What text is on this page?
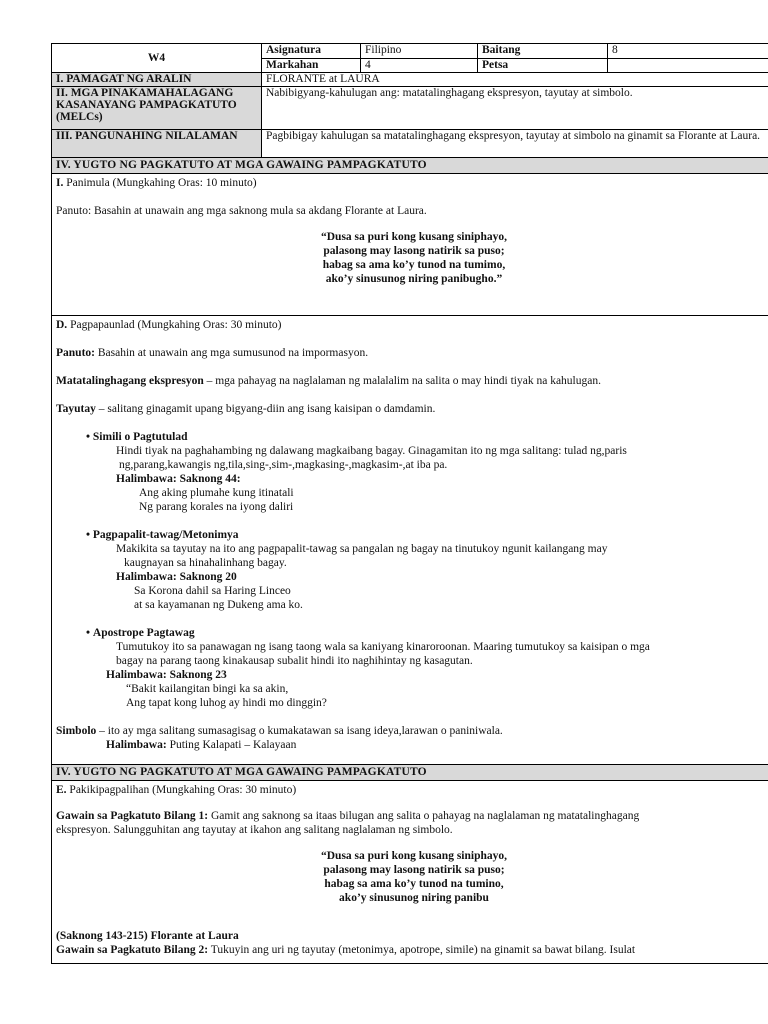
W4	Asignatura	Filipino	Baitang	8
	Markahan	4	Petsa	
I. PAMAGAT NG ARALIN	FLORANTE at LAURA			
II. MGA PINAKAMAHALAGANG KASANAYANG PAMPAGKATUTO (MELCs)	Nabibigyang-kahulugan ang: matatalinghagang ekspresyon, tayutay at simbolo.			
III. PANGUNAHING NILALAMAN	Pagbibigay kahulugan sa matatalinghagang ekspresyon, tayutay at simbolo na ginamit sa Florante at Laura.			
IV. YUGTO NG PAGKATUTO AT MGA GAWAING PAMPAGKATUTO

I. Panimula (Mungkahing Oras: 10 minuto)

Panuto: Basahin at unawain ang mga saknong mula sa akdang Florante at Laura.

“Dusa sa puri kong kusang siniphayo,

palasong may lasong natirik sa puso;

habag sa ama ko’y tunod na tumimo,

ako’y sinusunog niring panibugho.”

D. Pagpapaunlad (Mungkahing Oras: 30 minuto)

Panuto: Basahin at unawain ang mga sumusunod na impormasyon.

Matatalinghagang ekspresyon – mga pahayag na naglalaman ng malalalim na salita o may hindi tiyak na kahulugan.

Tayutay – salitang ginagamit upang bigyang-diin ang isang kaisipan o damdamin.

• Simili o Pagtutulad

Hindi tiyak na paghahambing ng dalawang magkaibang bagay. Ginagamitan ito ng mga salitang: tulad ng,paris

ng,parang,kawangis ng,tila,sing-,sim-,magkasing-,magkasim-,at iba pa.

Halimbawa: Saknong 44:

Ang aking plumahe kung itinatali

Ng parang korales na iyong daliri

• Pagpapalit-tawag/Metonimya

Makikita sa tayutay na ito ang pagpapalit-tawag sa pangalan ng bagay na tinutukoy ngunit kailangang may

kaugnayan sa hinahalinhang bagay.

Halimbawa: Saknong 20

Sa Korona dahil sa Haring Linceo

at sa kayamanan ng Dukeng ama ko.

• Apostrope Pagtawag

Tumutukoy ito sa panawagan ng isang taong wala sa kaniyang kinaroroonan. Maaring tumutukoy sa kaisipan o mga

bagay na parang taong kinakausap subalit hindi ito naghihintay ng kasagutan.

Halimbawa: Saknong 23

“Bakit kailangitan bingi ka sa akin,

Ang tapat kong luhog ay hindi mo dinggin?

Simbolo – ito ay mga salitang sumasagisag o kumakatawan sa isang ideya,larawan o paniniwala.

Halimbawa: Puting Kalapati – Kalayaan

IV. YUGTO NG PAGKATUTO AT MGA GAWAING PAMPAGKATUTO

E. Pakikipagpalihan (Mungkahing Oras: 30 minuto)

Gawain sa Pagkatuto Bilang 1: Gamit ang saknong sa itaas bilugan ang salita o pahayag na naglalaman ng matatalinghagang

ekspresyon. Salungguhitan ang tayutay at ikahon ang salitang naglalaman ng simbolo.

“Dusa sa puri kong kusang siniphayo,

palasong may lasong natirik sa puso;

habag sa ama ko’y tunod na tumino,

ako’y sinusunog niring panibu

(Saknong 143-215) Florante at Laura

Gawain sa Pagkatuto Bilang 2: Tukuyin ang uri ng tayutay (metonimya, apotrope, simile) na ginamit sa bawat bilang. Isulat
